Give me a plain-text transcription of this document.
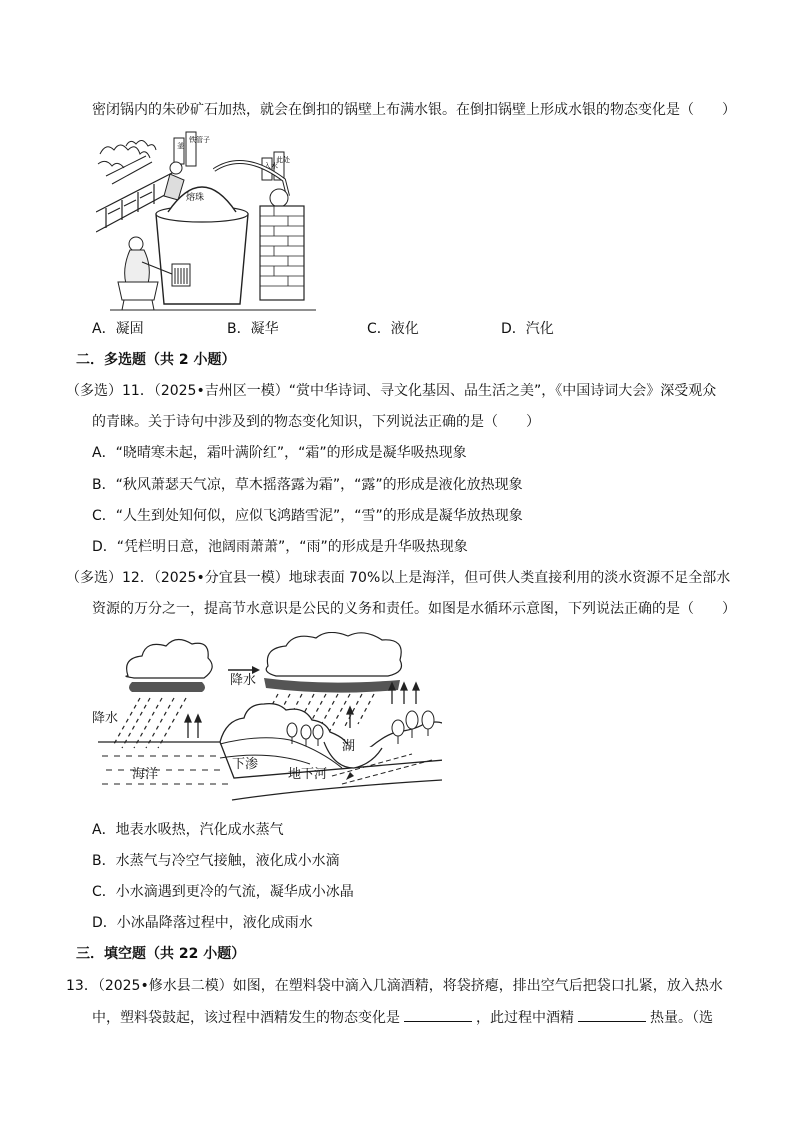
密闭锅内的朱砂矿石加热，就会在倒扣的锅壁上布满水银。在倒扣锅壁上形成水银的物态变化是（　　）
釜
铁管子
入水
此处
熔珠
A．凝固	B．凝华	C．液化	D．汽化
二．多选题（共 2 小题）
（多选）11．（2025•吉州区一模）“赏中华诗词、寻文化基因、品生活之美”，《中国诗词大会》深受观众
的青睐。关于诗句中涉及到的物态变化知识，下列说法正确的是（　　）
A．“晓晴寒未起，霜叶满阶红”，“霜”的形成是凝华吸热现象
B．“秋风萧瑟天气凉，草木摇落露为霜”，“露”的形成是液化放热现象
C．“人生到处知何似，应似飞鸿踏雪泥”，“雪”的形成是凝华放热现象
D．“凭栏明日意，池阔雨萧萧”，“雨”的形成是升华吸热现象
（多选）12．（2025•分宜县一模）地球表面 70%以上是海洋，但可供人类直接利用的淡水资源不足全部水
资源的万分之一，提高节水意识是公民的义务和责任。如图是水循环示意图，下列说法正确的是（　　）
降水
降水
海洋
湖
下渗
地下河
A．地表水吸热，汽化成水蒸气
B．水蒸气与冷空气接触，液化成小水滴
C．小水滴遇到更冷的气流，凝华成小冰晶
D．小冰晶降落过程中，液化成雨水
三．填空题（共 22 小题）
13．（2025•修水县二模）如图，在塑料袋中滴入几滴酒精，将袋挤瘪，排出空气后把袋口扎紧，放入热水
中，塑料袋鼓起，该过程中酒精发生的物态变化是	，此过程中酒精	热量。（选
